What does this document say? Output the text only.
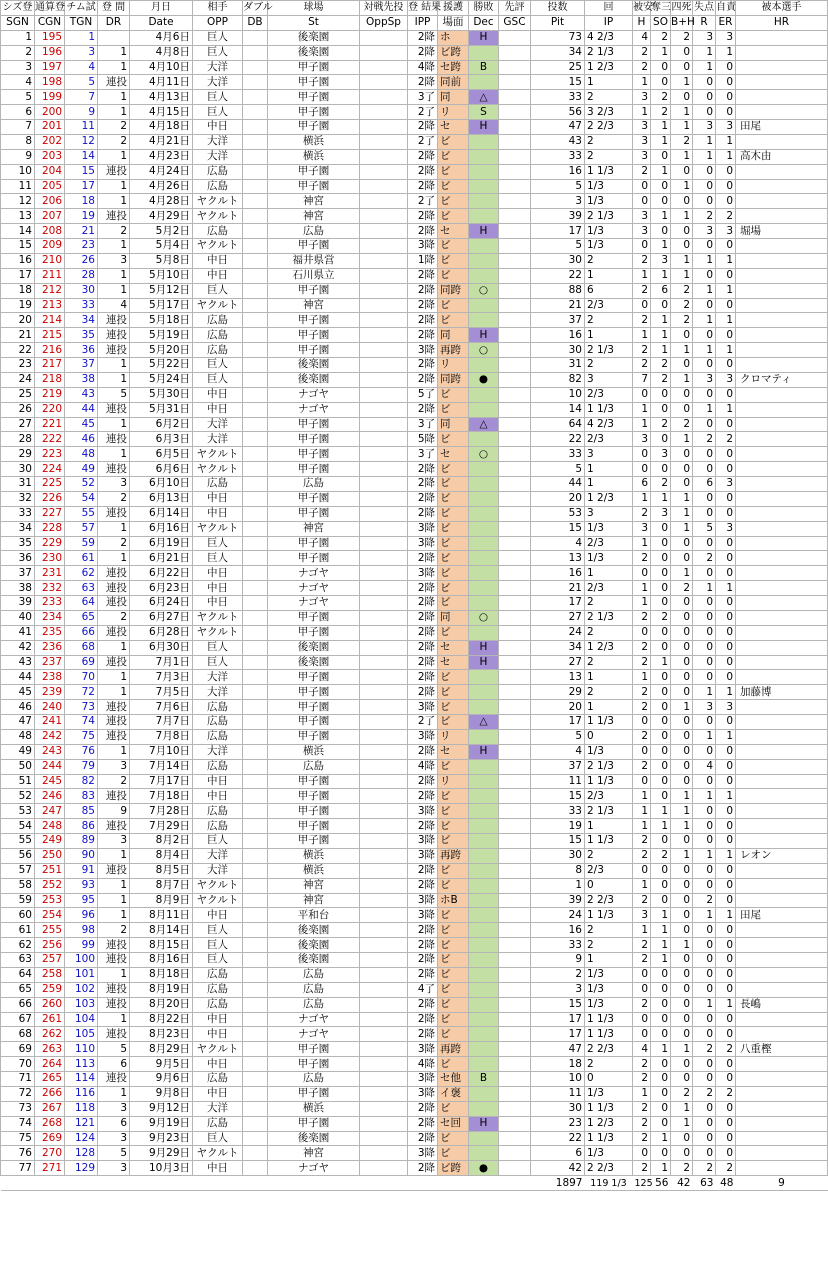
シズ登	通算登	チム試	登 間	月日	相手	ダブル	球場	対戦先投	登 結果	援護	勝敗	先評	投数	回	被安	奪三	四死	失点	自責	被本選手
SGN	CGN	TGN	DR	Date	OPP	DB	St	OppSp	IPP	場面	Dec	GSC	Pit	IP	H	SO	B+H	R	ER	HR
1	195	1		4月6日	巨人		後楽園		2降	ホ	H		73	4 2/3	4	2	2	3	3	
2	196	3	1	4月8日	巨人		後楽園		2降	ビ跨			34	2 1/3	2	1	0	1	1	
3	197	4	1	4月10日	大洋		甲子園		4降	セ跨	B		25	1 2/3	2	0	0	1	0	
4	198	5	連投	4月11日	大洋		甲子園		2降	同前			15	1	1	0	1	0	0	
5	199	7	1	4月13日	巨人		甲子園		3了	同	△		33	2	3	2	0	0	0	
6	200	9	1	4月15日	巨人		甲子園		2了	リ	S		56	3 2/3	1	2	1	0	0	
7	201	11	2	4月18日	中日		甲子園		2降	セ	H		47	2 2/3	3	1	1	3	3	田尾
8	202	12	2	4月21日	大洋		横浜		2了	ビ			43	2	3	1	2	1	1	
9	203	14	1	4月23日	大洋		横浜		2降	ビ			33	2	3	0	1	1	1	高木由
10	204	15	連投	4月24日	広島		甲子園		2降	ビ			16	1 1/3	2	1	0	0	0	
11	205	17	1	4月26日	広島		甲子園		2降	ビ			5	1/3	0	0	1	0	0	
12	206	18	1	4月28日	ヤクルト		神宮		2了	ビ			3	1/3	0	0	0	0	0	
13	207	19	連投	4月29日	ヤクルト		神宮		2降	ビ			39	2 1/3	3	1	1	2	2	
14	208	21	2	5月2日	広島		広島		2降	セ	H		17	1/3	3	0	0	3	3	堀場
15	209	23	1	5月4日	ヤクルト		甲子園		3降	ビ			5	1/3	0	1	0	0	0	
16	210	26	3	5月8日	中日		福井県営		1降	ビ			30	2	2	3	1	1	1	
17	211	28	1	5月10日	中日		石川県立		2降	ビ			22	1	1	1	1	0	0	
18	212	30	1	5月12日	巨人		甲子園		2降	同跨	○		88	6	2	6	2	1	1	
19	213	33	4	5月17日	ヤクルト		神宮		2降	ビ			21	2/3	0	0	2	0	0	
20	214	34	連投	5月18日	広島		甲子園		2降	ビ			37	2	2	1	2	1	1	
21	215	35	連投	5月19日	広島		甲子園		2降	同	H		16	1	1	1	0	0	0	
22	216	36	連投	5月20日	広島		甲子園		3降	再跨	○		30	2 1/3	2	1	1	1	1	
23	217	37	1	5月22日	巨人		後楽園		2降	リ			31	2	2	2	0	0	0	
24	218	38	1	5月24日	巨人		後楽園		2降	同跨	●		82	3	7	2	1	3	3	クロマティ
25	219	43	5	5月30日	中日		ナゴヤ		5了	ビ			10	2/3	0	0	0	0	0	
26	220	44	連投	5月31日	中日		ナゴヤ		2降	ビ			14	1 1/3	1	0	0	1	1	
27	221	45	1	6月2日	大洋		甲子園		3了	同	△		64	4 2/3	1	2	2	0	0	
28	222	46	連投	6月3日	大洋		甲子園		5降	ビ			22	2/3	3	0	1	2	2	
29	223	48	1	6月5日	ヤクルト		甲子園		3了	セ	○		33	3	0	3	0	0	0	
30	224	49	連投	6月6日	ヤクルト		甲子園		2降	ビ			5	1	0	0	0	0	0	
31	225	52	3	6月10日	広島		広島		2降	ビ			44	1	6	2	0	6	3	
32	226	54	2	6月13日	中日		甲子園		2降	ビ			20	1 2/3	1	1	1	0	0	
33	227	55	連投	6月14日	中日		甲子園		2降	ビ			53	3	2	3	1	0	0	
34	228	57	1	6月16日	ヤクルト		神宮		3降	ビ			15	1/3	3	0	1	5	3	
35	229	59	2	6月19日	巨人		甲子園		3降	ビ			4	2/3	1	0	0	0	0	
36	230	61	1	6月21日	巨人		甲子園		2降	ビ			13	1/3	2	0	0	2	0	
37	231	62	連投	6月22日	中日		ナゴヤ		3降	ビ			16	1	0	0	1	0	0	
38	232	63	連投	6月23日	中日		ナゴヤ		2降	ビ			21	2/3	1	0	2	1	1	
39	233	64	連投	6月24日	中日		ナゴヤ		2降	ビ			17	2	1	0	0	0	0	
40	234	65	2	6月27日	ヤクルト		甲子園		2降	同	○		27	2 1/3	2	2	0	0	0	
41	235	66	連投	6月28日	ヤクルト		甲子園		2降	ビ			24	2	0	0	0	0	0	
42	236	68	1	6月30日	巨人		後楽園		2降	セ	H		34	1 2/3	2	0	0	0	0	
43	237	69	連投	7月1日	巨人		後楽園		2降	セ	H		27	2	2	1	0	0	0	
44	238	70	1	7月3日	大洋		甲子園		2降	ビ			13	1	1	0	0	0	0	
45	239	72	1	7月5日	大洋		甲子園		2降	ビ			29	2	2	0	0	1	1	加藤博
46	240	73	連投	7月6日	広島		甲子園		3降	ビ			20	1	2	0	1	3	3	
47	241	74	連投	7月7日	広島		甲子園		2了	ビ	△		17	1 1/3	0	0	0	0	0	
48	242	75	連投	7月8日	広島		甲子園		3降	リ			5	0	2	0	0	1	1	
49	243	76	1	7月10日	大洋		横浜		2降	セ	H		4	1/3	0	0	0	0	0	
50	244	79	3	7月14日	広島		広島		4降	ビ			37	2 1/3	2	0	0	4	0	
51	245	82	2	7月17日	中日		甲子園		2降	リ			11	1 1/3	0	0	0	0	0	
52	246	83	連投	7月18日	中日		甲子園		2降	ビ			15	2/3	1	0	1	1	1	
53	247	85	9	7月28日	広島		甲子園		3降	ビ			33	2 1/3	1	1	1	0	0	
54	248	86	連投	7月29日	広島		甲子園		2降	ビ			19	1	1	1	1	0	0	
55	249	89	3	8月2日	巨人		甲子園		3降	ビ			15	1 1/3	2	0	0	0	0	
56	250	90	1	8月4日	大洋		横浜		3降	再跨			30	2	2	2	1	1	1	レオン
57	251	91	連投	8月5日	大洋		横浜		2降	ビ			8	2/3	0	0	0	0	0	
58	252	93	1	8月7日	ヤクルト		神宮		2降	ビ			1	0	1	0	0	0	0	
59	253	95	1	8月9日	ヤクルト		神宮		3降	ホB			39	2 2/3	2	0	0	2	0	
60	254	96	1	8月11日	中日		平和台		3降	ビ			24	1 1/3	3	1	0	1	1	田尾
61	255	98	2	8月14日	巨人		後楽園		2降	ビ			16	2	1	1	0	0	0	
62	256	99	連投	8月15日	巨人		後楽園		2降	ビ			33	2	2	1	1	0	0	
63	257	100	連投	8月16日	巨人		後楽園		2降	ビ			9	1	2	1	0	0	0	
64	258	101	1	8月18日	広島		広島		2降	ビ			2	1/3	0	0	0	0	0	
65	259	102	連投	8月19日	広島		広島		4了	ビ			3	1/3	0	0	0	0	0	
66	260	103	連投	8月20日	広島		広島		2降	ビ			15	1/3	2	0	0	1	1	長嶋
67	261	104	1	8月22日	中日		ナゴヤ		2降	ビ			17	1 1/3	0	0	0	0	0	
68	262	105	連投	8月23日	中日		ナゴヤ		2降	ビ			17	1 1/3	0	0	0	0	0	
69	263	110	5	8月29日	ヤクルト		甲子園		3降	再跨			47	2 2/3	4	1	1	2	2	八重樫
70	264	113	6	9月5日	中日		甲子園		4降	ビ			18	2	2	0	0	0	0	
71	265	114	連投	9月6日	広島		広島		3降	セ他	B		10	0	2	0	0	0	0	
72	266	116	1	9月8日	中日		甲子園		3降	イ褒			11	1/3	1	0	2	2	2	
73	267	118	3	9月12日	大洋		横浜		2降	ビ			30	1 1/3	2	0	1	0	0	
74	268	121	6	9月19日	広島		甲子園		2降	セ回	H		23	1 2/3	2	0	1	0	0	
75	269	124	3	9月23日	巨人		後楽園		2降	ビ			22	1 1/3	2	1	0	0	0	
76	270	128	5	9月29日	ヤクルト		神宮		3降	ビ			6	1/3	0	0	0	0	0	
77	271	129	3	10月3日	中日		ナゴヤ		2降	ビ跨	●		42	2 2/3	2	1	2	2	2	
													1897	119 1/3	125	56	42	63	48	9
